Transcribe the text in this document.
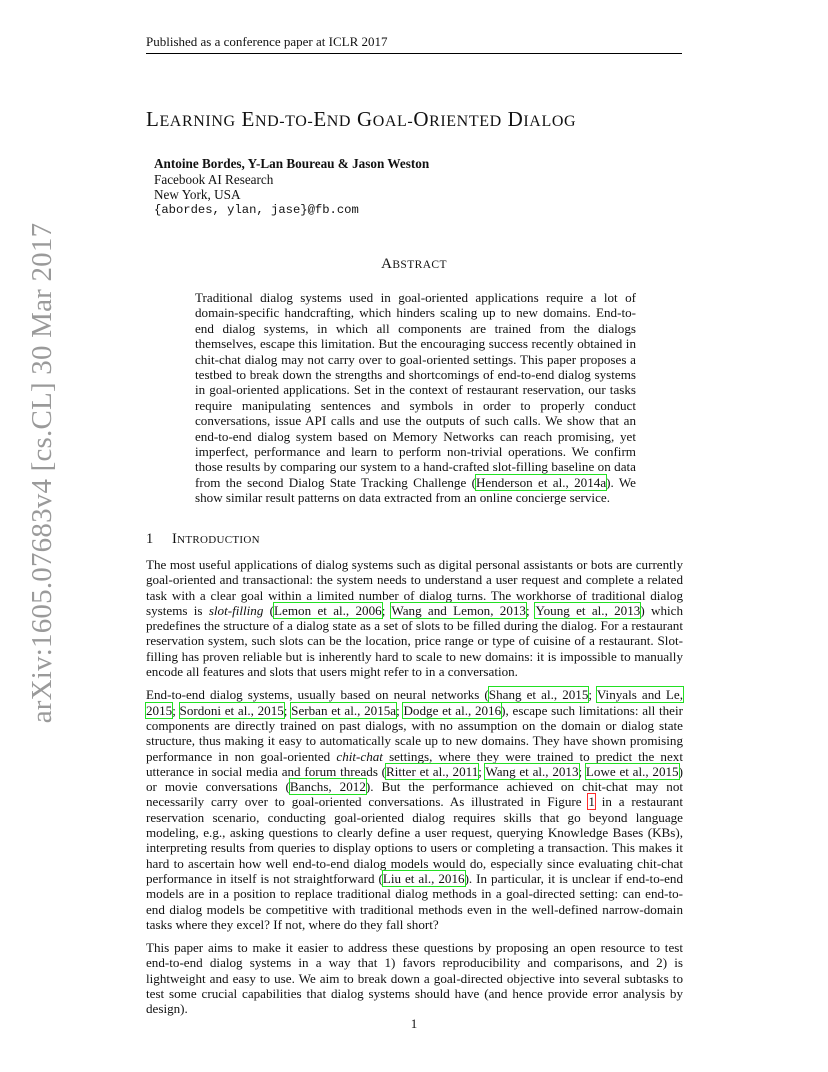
Published as a conference paper at ICLR 2017
LEARNING END-TO-END GOAL-ORIENTED DIALOG
Antoine Bordes, Y-Lan Boureau & Jason Weston
Facebook AI Research
New York, USA
{abordes, ylan, jase}@fb.com
ABSTRACT
Traditional dialog systems used in goal-oriented applications require a lot of domain-specific handcrafting, which hinders scaling up to new domains. End-to-end dialog systems, in which all components are trained from the dialogs themselves, escape this limitation. But the encouraging success recently obtained in chit-chat dialog may not carry over to goal-oriented settings. This paper proposes a testbed to break down the strengths and shortcomings of end-to-end dialog systems in goal-oriented applications. Set in the context of restaurant reservation, our tasks require manipulating sentences and symbols in order to properly conduct conversations, issue API calls and use the outputs of such calls. We show that an end-to-end dialog system based on Memory Networks can reach promising, yet imperfect, performance and learn to perform non-trivial operations. We confirm those results by comparing our system to a hand-crafted slot-filling baseline on data from the second Dialog State Tracking Challenge (Henderson et al., 2014a). We show similar result patterns on data extracted from an online concierge service.
1 INTRODUCTION

The most useful applications of dialog systems such as digital personal assistants or bots are currently goal-oriented and transactional: the system needs to understand a user request and complete a related task with a clear goal within a limited number of dialog turns. The workhorse of traditional dialog systems is slot-filling (Lemon et al., 2006; Wang and Lemon, 2013; Young et al., 2013) which predefines the structure of a dialog state as a set of slots to be filled during the dialog. For a restaurant reservation system, such slots can be the location, price range or type of cuisine of a restaurant. Slot-filling has proven reliable but is inherently hard to scale to new domains: it is impossible to manually encode all features and slots that users might refer to in a conversation.

End-to-end dialog systems, usually based on neural networks (Shang et al., 2015; Vinyals and Le, 2015; Sordoni et al., 2015; Serban et al., 2015a; Dodge et al., 2016), escape such limitations: all their components are directly trained on past dialogs, with no assumption on the domain or dialog state structure, thus making it easy to automatically scale up to new domains. They have shown promising performance in non goal-oriented chit-chat settings, where they were trained to predict the next utterance in social media and forum threads (Ritter et al., 2011; Wang et al., 2013; Lowe et al., 2015) or movie conversations (Banchs, 2012). But the performance achieved on chit-chat may not necessarily carry over to goal-oriented conversations. As illustrated in Figure 1 in a restaurant reservation scenario, conducting goal-oriented dialog requires skills that go beyond language modeling, e.g., asking questions to clearly define a user request, querying Knowledge Bases (KBs), interpreting results from queries to display options to users or completing a transaction. This makes it hard to ascertain how well end-to-end dialog models would do, especially since evaluating chit-chat performance in itself is not straightforward (Liu et al., 2016). In particular, it is unclear if end-to-end models are in a position to replace traditional dialog methods in a goal-directed setting: can end-to-end dialog models be competitive with traditional methods even in the well-defined narrow-domain tasks where they excel? If not, where do they fall short?

This paper aims to make it easier to address these questions by proposing an open resource to test end-to-end dialog systems in a way that 1) favors reproducibility and comparisons, and 2) is lightweight and easy to use. We aim to break down a goal-directed objective into several subtasks to test some crucial capabilities that dialog systems should have (and hence provide error analysis by design).

arXiv:1605.07683v4 [cs.CL] 30 Mar 2017
1
